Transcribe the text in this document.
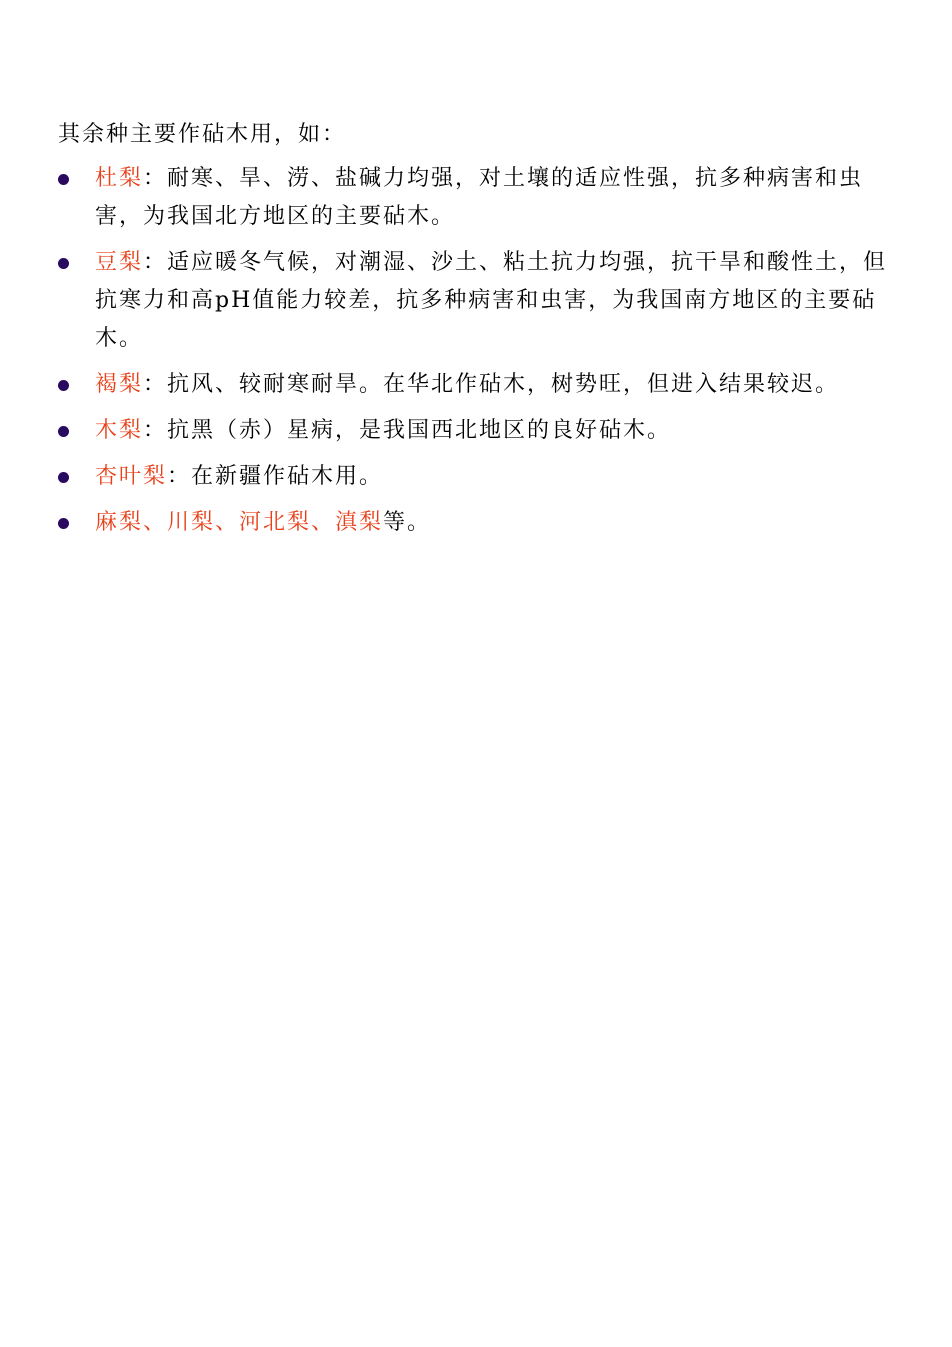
其余种主要作砧木用，如：
杜梨：耐寒、旱、涝、盐碱力均强，对土壤的适应性强，抗多种病害和虫害，为我国北方地区的主要砧木。
豆梨：适应暖冬气候，对潮湿、沙土、粘土抗力均强，抗干旱和酸性土，但抗寒力和高pH值能力较差，抗多种病害和虫害，为我国南方地区的主要砧木。
褐梨：抗风、较耐寒耐旱。在华北作砧木，树势旺，但进入结果较迟。
木梨：抗黑（赤）星病，是我国西北地区的良好砧木。
杏叶梨：在新疆作砧木用。
麻梨、川梨、河北梨、滇梨等。
